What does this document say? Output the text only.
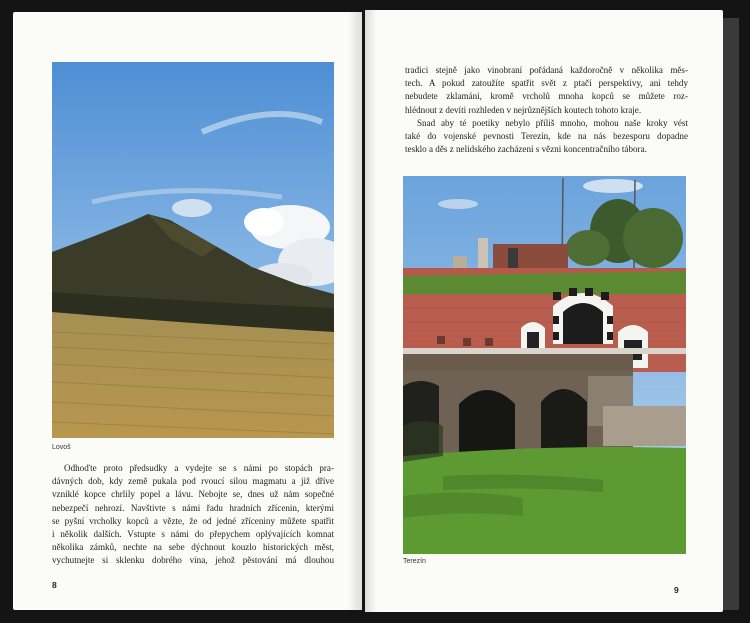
Lovoš
Odhoďte proto předsudky a vydejte se s námi po stopách pra-
dávných dob, kdy země pukala pod rvoucí silou magmatu a již dříve
vzniklé kopce chrlily popel a lávu. Nebojte se, dnes už nám sopečné
nebezpečí nehrozí. Navštivte s námi řadu hradních zřícenin, kterými
se pyšní vrcholky kopců a vězte, že od jedné zříceniny můžete spatřit
i několik dalších. Vstupte s námi do přepychem oplývajících komnat
několika zámků, nechte na sebe dýchnout kouzlo historických měst,
vychutnejte si sklenku dobrého vína, jehož pěstování má dlouhou
8
tradici stejně jako vinobraní pořádaná každoročně v několika měs-
tech. A pokud zatoužíte spatřit svět z ptačí perspektivy, ani tehdy
nebudete zklamáni, kromě vrcholů mnoha kopců se můžete roz-
hlédnout z devíti rozhleden v nejrůznějších koutech tohoto kraje.
Snad aby té poetiky nebylo příliš mnoho, mohou naše kroky vést
také do vojenské pevnosti Terezín, kde na nás bezesporu dopadne
tesklo a děs z nelidského zacházení s vězni koncentračního tábora.
Terezín
9
